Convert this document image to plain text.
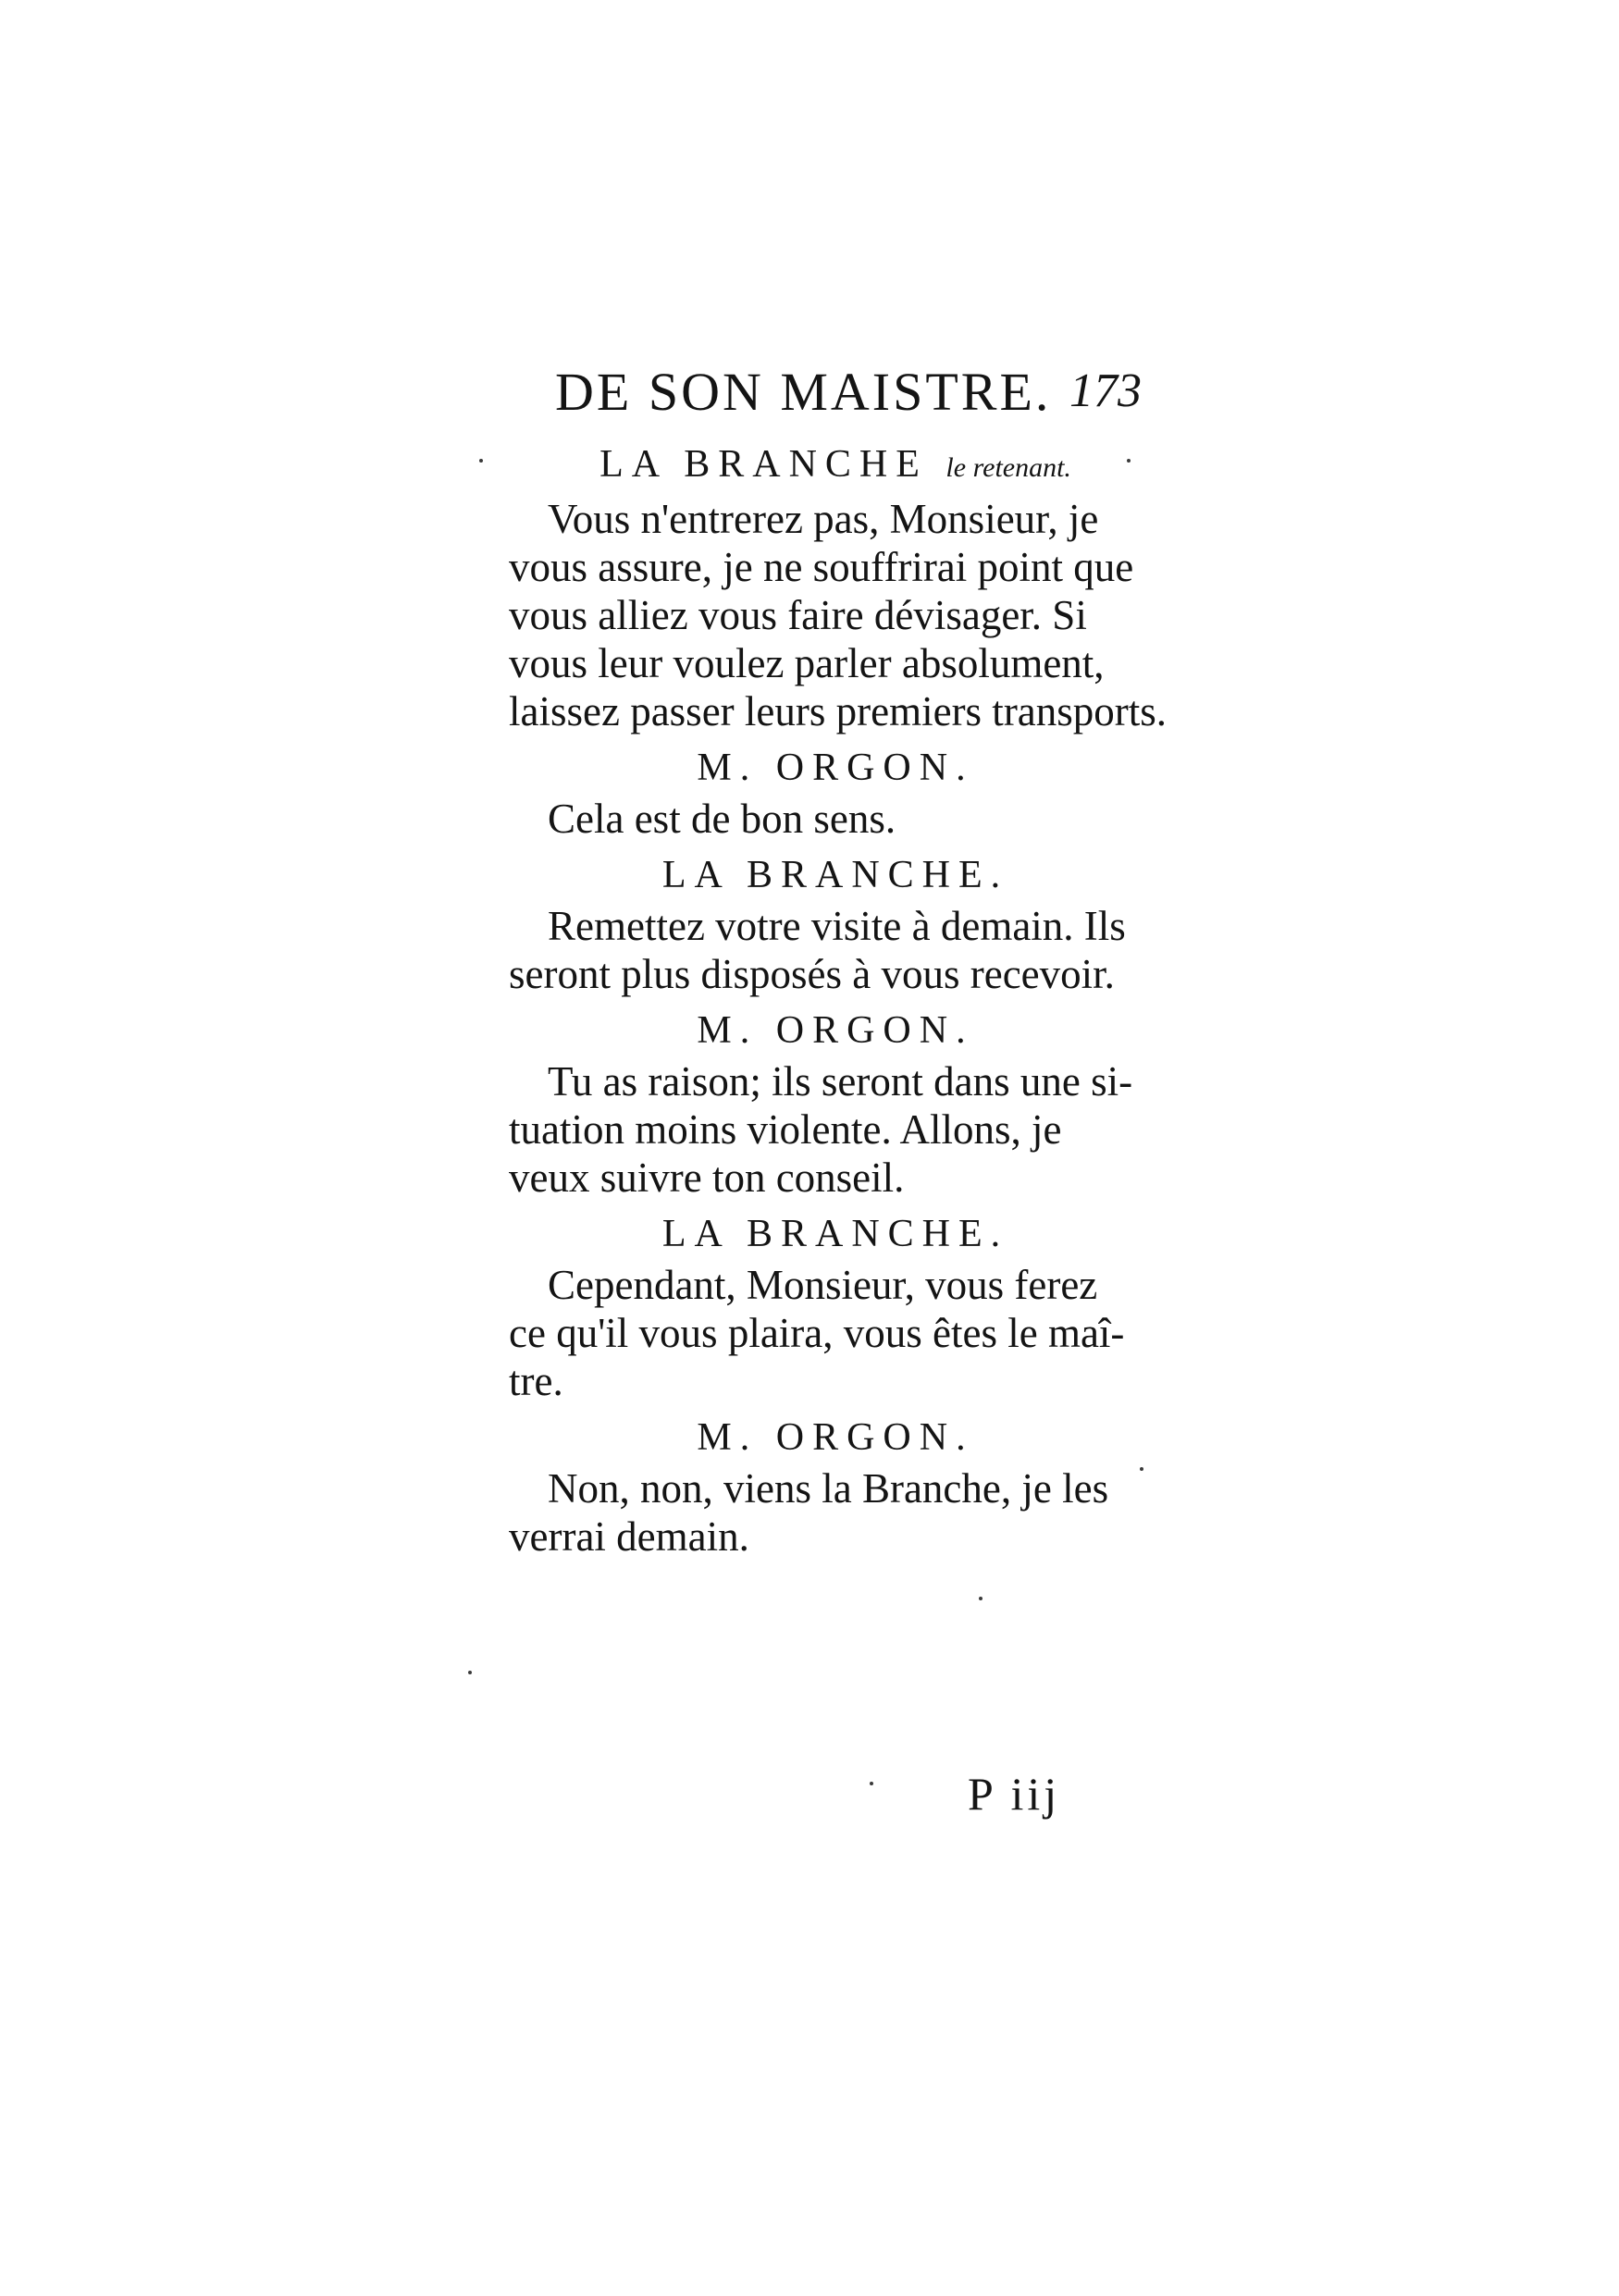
DE SON MAISTRE. 173

LA BRANCHE le retenant.

Vous n'entrerez pas, Monsieur, je
vous assure, je ne souffrirai point que
vous alliez vous faire dévisager. Si
vous leur voulez parler absolument,
laissez passer leurs premiers transports.

M. ORGON.

Cela est de bon sens.

LA BRANCHE.

Remettez votre visite à demain. Ils
seront plus disposés à vous recevoir.

M. ORGON.

Tu as raison; ils seront dans une si-
tuation moins violente. Allons, je
veux suivre ton conseil.

LA BRANCHE.

Cependant, Monsieur, vous ferez
ce qu'il vous plaira, vous êtes le maî-
tre.

M. ORGON.

Non, non, viens la Branche, je les
verrai demain.

P iij
